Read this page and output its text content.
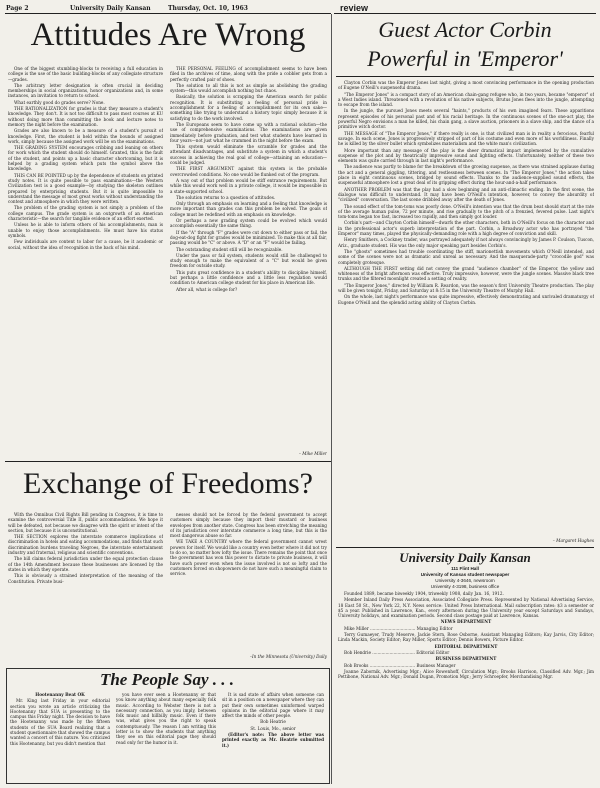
Page 2	University Daily Kansan	Thursday, Oct. 10, 1963	review
Attitudes Are Wrong

One of the biggest stumbling-blocks to receiving a full education in college is the use of the basic building-blocks of any collegiate structure—grades.

The arbitrary letter designation is often crucial in deciding memberships in social organizations, honor organizations and, in some instances, an invitation to return to school.

What earthly good do grades serve? None.

THE RATIONALIZATION for grades is that they measure a student's knowledge. They don't. It is not too difficult to pass most courses at KU without doing more than committing the book and lecture notes to memory the night before the examination.

Grades are also known to be a measure of a student's pursuit of knowledge. First, the student is held within the bounds of assigned work, simply because the assigned work will be on the examinations.

THE GRADING SYSTEM encourages cribbing and leaning on others for work which the student should do himself. Granted, this is the fault of the student, and points up a basic character shortcoming, but it is helped by a grading system which puts the symbol above the knowledge.

THIS CAN BE POINTED up by the dependence of students on printed study notes. It is quite possible to pass examinations—the Western Civilization test is a good example—by studying the skeleton outlines prepared by enterprising students. But it is quite impossible to understand the message of most great works without understanding the context and atmosphere in which they were written.

The problem of the grading system is not simply a problem of the college campus. The grade system is an outgrowth of an American characteristic—the search for tangible evidence of an effort exerted.

Unless he is able to inform others of his accomplishments, man is unable to enjoy those accomplishments. He must have his status symbols.

Few individuals are content to labor for a cause, be it academic or social, without the idea of recognition in the back of his mind.

THE PERSONAL FEELING of accomplishment seems to have been filed in the archives of time, along with the pride a cobbler gets from a perfectly crafted pair of shoes.

The solution to all this is not as simple as abolishing the grading system—this would accomplish nothing but chaos.

Basically, the solution is scrapping the American search for public recognition. It is substituting a feeling of personal pride in accomplishment for a feeling of accomplishment for its own sake—something like trying to understand a history topic simply because it is satisfying to do the work involved.

The Europeans seem to have come up with a rational solution—the use of comprehensive examinations. The examinations are given immediately before graduation, and test what students have learned in four years—not just what he crammed in the night before the exam.

This system would eliminate the scramble for grades and the attendant disadvantages, and substitute a system in which a student's success in achieving the real goal of college—attaining an education—could be judged.

THE FIRST ARGUMENT against this system is the probable overcrowded conditions. No one would be flunked out of the program.

A way out of that problem would be stiff entrance requirements. But while this would work well in a private college, it would be impossible in a state-supported school.

The solution returns to a question of attitudes.

Only through an emphasis on learning and a feeling that knowledge is more important than grades can this problem be solved. The goals of college must be redefined with an emphasis on knowledge.

Or perhaps a new grading system could be evolved which would accomplish essentially the same thing.

If the "A" through "F" grades were cut down to either pass or fail, the dog-eat-dog fight for grades would be minimized. To make this at all fair, passing would be "C" or above. A "D" or an "F" would be failing.

The outstanding student still will be recognizable.

Under the pass or fail system, students would still be challenged to study enough to make the equivalent of a "C" but would be given freedom for outside study.

This puts great confidence in a student's ability to discipline himself, but perhaps a little confidence and a little less regulation would condition to American college student for his place in American life.

After all, what is college for?

– Mike Miller
Exchange of Freedoms?

With the Omnibus Civil Rights Bill pending in Congress, it is time to examine the controversial Title II, public accommodations. We hope it will be defeated, not because we disagree with the spirit or intent of the section, but because it is unconstitutional.

THE SECTION explores the interstate commerce implications of discrimination in hotels and eating accommodations, and finds that such discrimination burdens traveling Negroes, the interstate entertainment industry and fraternal, religious and scientific conventions.

The bill claims federal jurisdiction under the equal protection clause of the 14th Amendment because these businesses are licensed by the states in which they operate.

This is obviously a strained interpretation of the meaning of the Constitution. Private busi-

nesses should not be forced by the federal government to accept customers simply because they import their mustard or business envelopes from another state. Congress has been stretching the meaning of its jurisdiction over interstate commerce a long time, but this is the most dangerous abuse so far.

WE TAKE A COUNTRY where the federal government cannot wrest powers for itself. We would like a country even better where it did not try to do so, no matter how lofty the issue. There remains the point that once the government has won this power to dictate to private business, it will have such power even when the issue involved is not so lofty and the customers forced on shopowners do not have such a meaningful claim to service.

–In the Minnesota (University) Daily
The People Say . . .

Hootenanny Beat OK

Mr. King last Friday in your editorial section you wrote an article criticizing the Hootenanny that SUA is presenting to the campus this Friday night. The decision to have the Hootenanny was made by the fifteen students of the SUA Board realizing that a student questionnaire that showed the campus wanted a concert of this nature. You criticized this Hootenanny, but you didn't mention that

you have ever seen a Hootenanny or that you know anything about many especially folk music. According to Webster there is not a necessary connection, as you imply, between folk music and hillbilly music. Even if there was, what gives you the right to speak contemptuously. The reason I am writing this letter is to show the students that anything they see on this editorial page they should read only for the humor in it.

It is sad state of affairs when someone can sit in a position on a newspaper where they can put their own sometimes uninformed warped opinions in the editorial page where it may affect the minds of other people.

Bob Heatrie

St. Louis, Mo., senior

(Editor's note: The above letter was printed exactly as Mr. Heatrie submitted it.)

Guest Actor Corbin
Powerful in 'Emperor'

Clayton Corbin was the Emperor Jones last night, giving a most convincing performance in the opening production of Eugene O'Neill's suspenseful drama.

"The Emperor Jones" is a compact story of an American chain-gang refugee who, in two years, became "emperor" of a West Indies island. Threatened with a revolution of his native subjects, Brutus Jones flees into the jungle, attempting to escape from the island.

In the jungle, the pursued Jones meets several "haints," products of his own imagined fears. These apparitions represent episodes of his personal past and of his racial heritage. In the continuous scenes of the one-act play, the powerful Negro envisions a man he killed, his chain gang, a slave auction, prisoners in a slave ship, and the dance of a primitive witch doctor.

THE MESSAGE of "The Emperor Jones," if there really is one, is that civilized man is in reality a ferocious, fearful savage. In each scene, Jones is progressively stripped of part of his costume and even more of his worldliness. Finally he is killed by the silver bullet which symbolizes materialism and the white man's civilization.

More important than any message of the play is the sheer dramatical impact implemented by the cumulative suspense of the plot and by theatrically impressive sound and lighting effects. Unfortunately, neither of these two elements was quite carried through in last night's performance.

The audience was partly to blame for the breakdown of the growing suspense, as there was strained applause during the act and a general giggling, tittering, and restlessness between scenes. In "The Emperor Jones," the action takes place in eight continuous scenes, bridged by sound effects. Thanks to the audience-supplied sound effects, the suspenseful atmosphere lost a great deal of its gripping effect during the hour-and-a-half performance.

ANOTHER PROBLEM was that the play had a slow beginning and an anti-climactic ending. In the first scene, the dialogue was difficult to understand. It may have been O'Neill's intention, however, to convey the absurdity of "civilized" conversation. The last scene dribbled away after the death of Jones.

The sound effect of the tom-toms was poorly done. O'Neill's intention was that the drum beat should start at the rate of the average human pulse, 72 per minute, and rise gradually to the pitch of a frenzied, fevered pulse. Last night's tom-toms began too fast, increased too rapidly, and then simply got louder.

Corbin's part—and Clayton Corbin himself—dwarfs the other characters, both in O'Neill's focus on the character and in the professional actor's superb interpretation of the part. Corbin, a Broadway actor who has portrayed "the Emperor" many times, played the physically-demanding role with a high degree of conviction and skill.

Henry Smithers, a Cockney trader, was portrayed adequately if not always convincingly by James P. Coulson, Tuscon, Ariz., graduate student. His was the only major speaking part besides Corbin's.

The "ghosts" sometimes had trouble coordinating the stiff, marionettish movements which O'Neill intended, and some of the scenes were not as dramatic and unreal as necessary. And the masquerade-party "crocodile god" was completely grotesque.

ALTHOUGH THE FIRST setting did not convey the grand "audience chamber" of the Emperor, the yellow and whiteness of the bright afternoon was effective. Truly impressive, however, were the jungle scenes. Massive black tree trunks and the filtered moonlight created a setting of reality.

"The Emperor Jones," directed by William R. Reardon, was the season's first University Theatre production. The play will be given tonight, Friday, and Saturday at 8:15 in the University Theatre of Murphy Hall.

On the whole, last night's performance was quite impressive, effectively demonstrating and unrivaled dramaturgy of Eugene O'Neill and the splendid acting ability of Clayton Corbin.

– Margaret Hughes
University Daily Kansan
111 Flint Hall
University of Kansas student newspaper
University 4-3646, newsroom
University 4-3198, business office

Founded 1889, became biweekly 1904, triweekly 1908, daily Jan. 16, 1912.

Member Inland Daily Press Association, Associated Collegiate Press. Represented by National Advertising Service, 18 East 50 St., New York 22, N.Y. News service: United Press International. Mail subscription rates: $3 a semester or $5 a year. Published in Lawrence, Kan., every afternoon during the University year except Saturdays and Sundays, University holidays, and examination periods. Second class postage paid at Lawrence, Kansas.

NEWS DEPARTMENT

Mike Miller .................................. Managing Editor

Terry Gumaeyer, Trudy Meserve, Jackie Stern, Rose Osborne, Assistant Managing Editors; Kay Jarvis, City Editor; Linda Mackin, Society Editor; Ray Miller, Sports Editor; Dennis Bowers, Picture Editor.

EDITORIAL DEPARTMENT

Bob Hendrie ................................ Editorial Editor

BUSINESS DEPARTMENT

Bob Brooks .................................. Business Manager

Joanne Zabornik, Advertising Mgr.; Alice Rowenhoff, Circulation Mgr.; Brooks Harrison, Classified Adv. Mgr.; Jim Pettibone, National Adv. Mgr.; Donald Dugan, Promotion Mgr.; Jerry Schroepfer, Merchandising Mgr.
